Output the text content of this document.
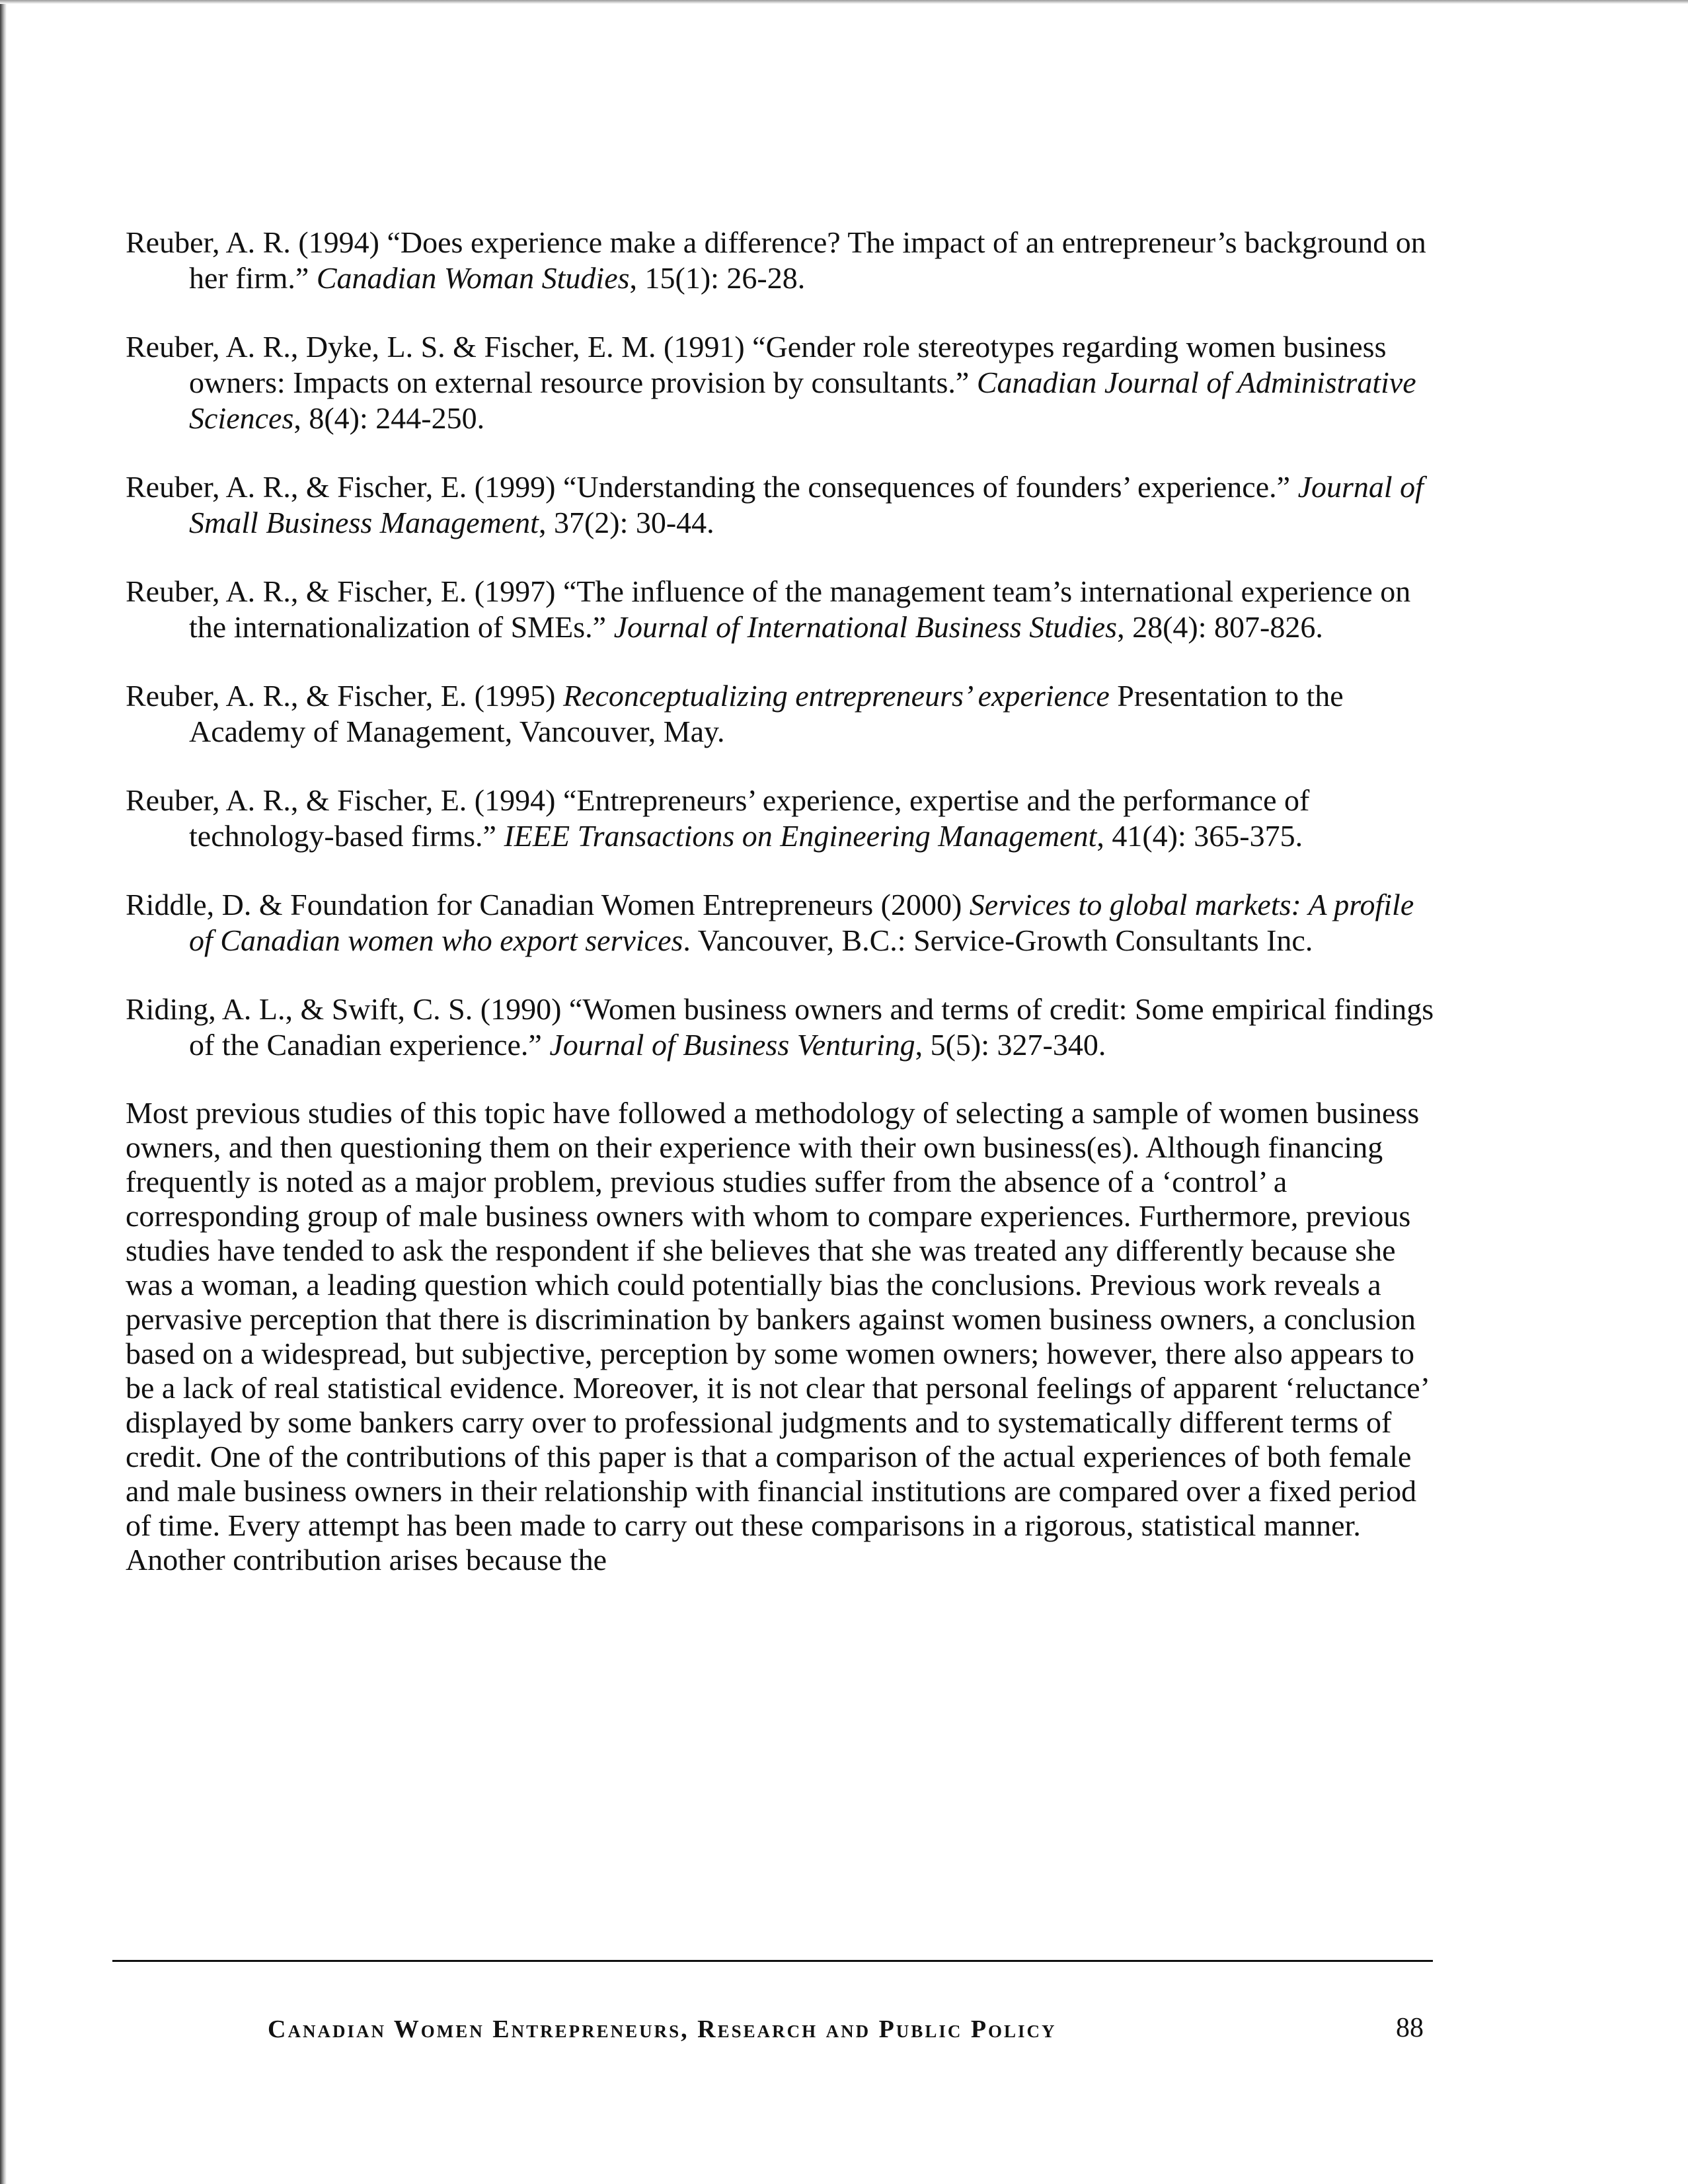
Reuber, A. R. (1994) “Does experience make a difference? The impact of an entrepreneur’s background on her firm.” Canadian Woman Studies, 15(1): 26-28.

Reuber, A. R., Dyke, L. S. & Fischer, E. M. (1991) “Gender role stereotypes regarding women business owners: Impacts on external resource provision by consultants.” Canadian Journal of Administrative Sciences, 8(4): 244-250.

Reuber, A. R., & Fischer, E. (1999) “Understanding the consequences of founders’ experience.” Journal of Small Business Management, 37(2): 30-44.

Reuber, A. R., & Fischer, E. (1997) “The influence of the management team’s international experience on the internationalization of SMEs.” Journal of International Business Studies, 28(4): 807-826.

Reuber, A. R., & Fischer, E. (1995) Reconceptualizing entrepreneurs’ experience Presentation to the Academy of Management, Vancouver, May.

Reuber, A. R., & Fischer, E. (1994) “Entrepreneurs’ experience, expertise and the performance of technology-based firms.” IEEE Transactions on Engineering Management, 41(4): 365-375.

Riddle, D. & Foundation for Canadian Women Entrepreneurs (2000) Services to global markets: A profile of Canadian women who export services. Vancouver, B.C.: Service-Growth Consultants Inc.

Riding, A. L., & Swift, C. S. (1990) “Women business owners and terms of credit: Some empirical findings of the Canadian experience.” Journal of Business Venturing, 5(5): 327-340.

Most previous studies of this topic have followed a methodology of selecting a sample of women business owners, and then questioning them on their experience with their own business(es). Although financing frequently is noted as a major problem, previous studies suffer from the absence of a ‘control’ a corresponding group of male business owners with whom to compare experiences. Furthermore, previous studies have tended to ask the respondent if she believes that she was treated any differently because she was a woman, a leading question which could potentially bias the conclusions. Previous work reveals a pervasive perception that there is discrimination by bankers against women business owners, a conclusion based on a widespread, but subjective, perception by some women owners; however, there also appears to be a lack of real statistical evidence. Moreover, it is not clear that personal feelings of apparent ‘reluctance’ displayed by some bankers carry over to professional judgments and to systematically different terms of credit. One of the contributions of this paper is that a comparison of the actual experiences of both female and male business owners in their relationship with financial institutions are compared over a fixed period of time. Every attempt has been made to carry out these comparisons in a rigorous, statistical manner. Another contribution arises because the

Canadian Women Entrepreneurs, Research and Public Policy	88
